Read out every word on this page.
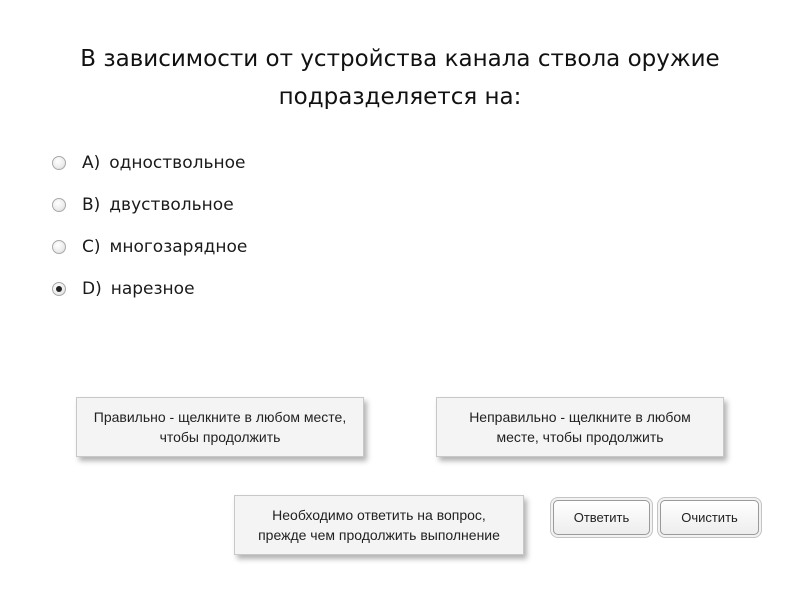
В зависимости от устройства канала ствола оружие
подразделяется на:
A) одноствольное
B) двуствольное
C) многозарядное
D) нарезное
Правильно - щелкните в любом месте,
чтобы продолжить
Неправильно - щелкните в любом
месте, чтобы продолжить
Необходимо ответить на вопрос,
прежде чем продолжить выполнение
Ответить	Очистить
